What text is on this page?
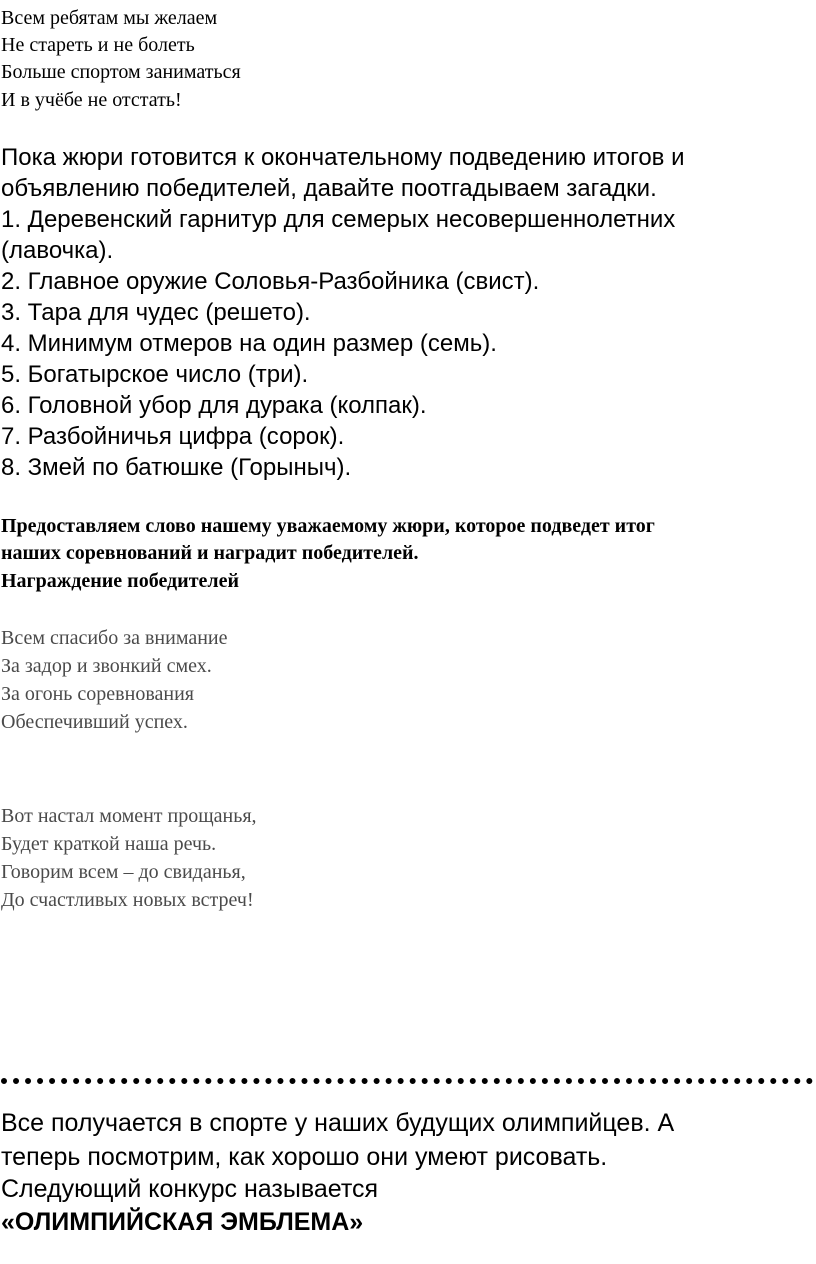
Всем ребятам мы желаем

Не стареть и не болеть

Больше спортом заниматься

И в учёбе не отстать!

Пока жюри готовится к окончательному подведению итогов и

объявлению победителей, давайте поотгадываем загадки.

1. Деревенский гарнитур для семерых несовершеннолетних

(лавочка).

2. Главное оружие Соловья-Разбойника (свист).

3. Тара для чудес (решето).

4. Минимум отмеров на один размер (семь).

5. Богатырское число (три).

6. Головной убор для дурака (колпак).

7. Разбойничья цифра (сорок).

8. Змей по батюшке (Горыныч).

Предоставляем слово нашему уважаемому жюри, которое подведет итог

наших соревнований и наградит победителей.

Награждение победителей

Всем спасибо за внимание

За задор и звонкий смех.

За огонь соревнования

Обеспечивший успех.

Вот настал момент прощанья,

Будет краткой наша речь.

Говорим всем – до свиданья,

До счастливых новых встреч!

Все получается в спорте у наших будущих олимпийцев. А

теперь посмотрим, как хорошо они умеют рисовать.

Следующий конкурс называется

«ОЛИМПИЙСКАЯ ЭМБЛЕМА»
